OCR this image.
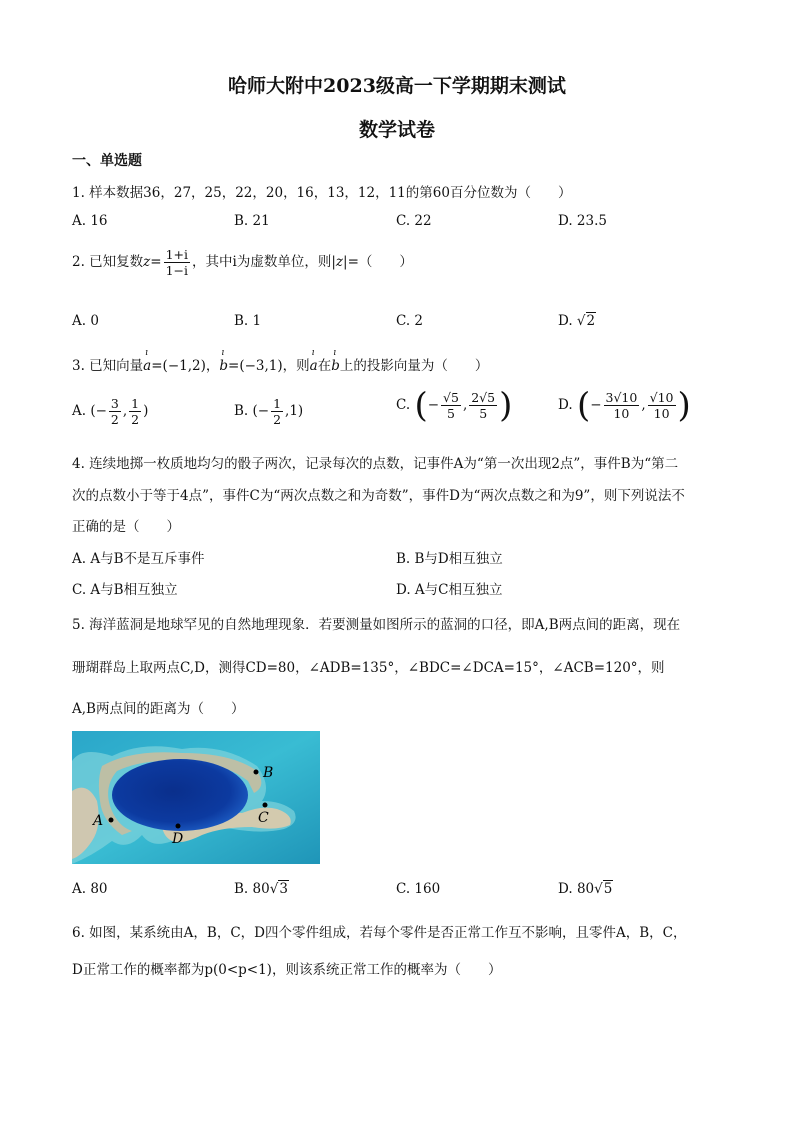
哈师大附中2023级高一下学期期末测试
数学试卷
一、单选题
1. 样本数据36，27，25，22，20，16，13，12，11的第60百分位数为（　　）
A. 16	B. 21	C. 22	D. 23.5
2. 已知复数$z= \frac{1+i}{1-i}$ ，其中i为虚数单位，则|z|=（　　）
A. 0	B. 1	C. 2	D. √2
3. 已知向量ı a=(−1,2)，ı b=(−3,1)，则ı a在ı b上的投影向量为（　　）
A. (− $\frac{3}{2}$ , $\frac{1}{2}$ )	B. (− $\frac{1}{2} ,1$)	C. (− $\frac{√5}{5}$ , $\frac{2√5}{5}$ )	D. (− $\frac{3√10}{10}$ , $\frac{√10}{10}$ )
4. 连续地掷一枚质地均匀的骰子两次，记录每次的点数，记事件A为“第一次出现2点”，事件B为“第二
次的点数小于等于4点”，事件C为“两次点数之和为奇数”，事件D为“两次点数之和为9”，则下列说法不
正确的是（　　）
A. A与B不是互斥事件	B. B与D相互独立
C. A与B相互独立	D. A与C相互独立
5. 海洋蓝洞是地球罕见的自然地理现象．若要测量如图所示的蓝洞的口径，即A,B两点间的距离，现在
珊瑚群岛上取两点C,D，测得CD=80，∠ADB=135°，∠BDC=∠DCA=15°，∠ACB=120°，则
A,B两点间的距离为（　　）
B
C
D
A
A. 80	B. 80√3	C. 160	D. 80√5
6. 如图，某系统由A，B，C，D四个零件组成，若每个零件是否正常工作互不影响，且零件A，B，C，
D正常工作的概率都为p(0<p<1)，则该系统正常工作的概率为（　　）
